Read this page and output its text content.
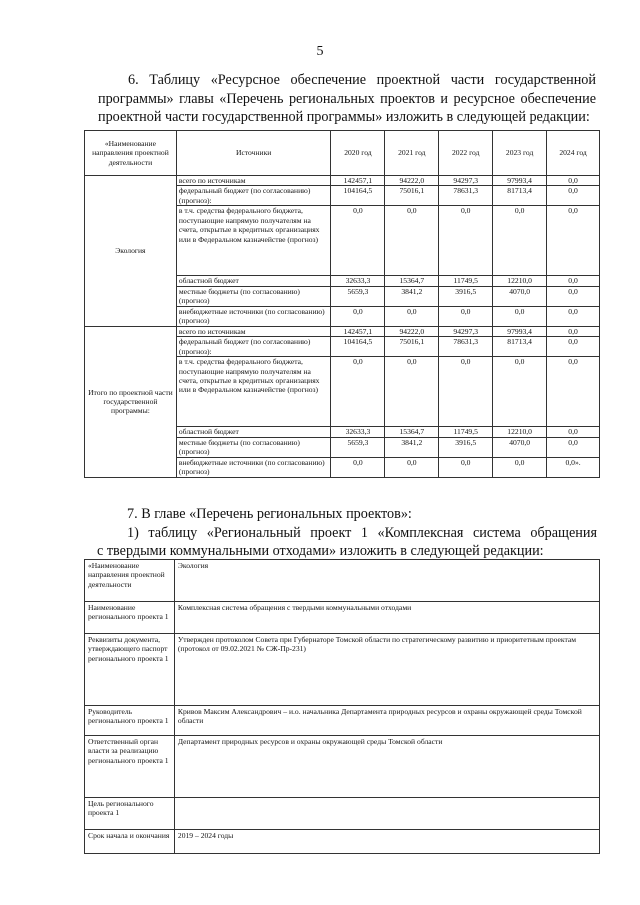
5
6. Таблицу «Ресурсное обеспечение проектной части государственной
программы» главы «Перечень региональных проектов и ресурсное обеспечение
проектной части государственной программы» изложить в следующей редакции:
«Наименование направления проектной деятельности	Источники	2020 год	2021 год	2022 год	2023 год	2024 год
Экология	всего по источникам	142457,1	94222,0	94297,3	97993,4	0,0
	федеральный бюджет (по согласованию) (прогноз):	104164,5	75016,1	78631,3	81713,4	0,0
	в т.ч. средства федерального бюджета, поступающие напрямую получателям на счета, открытые в кредитных организациях или в Федеральном казначействе (прогноз)	0,0	0,0	0,0	0,0	0,0
	областной бюджет	32633,3	15364,7	11749,5	12210,0	0,0
	местные бюджеты (по согласованию) (прогноз)	5659,3	3841,2	3916,5	4070,0	0,0
	внебюджетные источники (по согласованию) (прогноз)	0,0	0,0	0,0	0,0	0,0
Итого по проектной части государственной программы:	всего по источникам	142457,1	94222,0	94297,3	97993,4	0,0
	федеральный бюджет (по согласованию) (прогноз):	104164,5	75016,1	78631,3	81713,4	0,0
	в т.ч. средства федерального бюджета, поступающие напрямую получателям на счета, открытые в кредитных организациях или в Федеральном казначействе (прогноз)	0,0	0,0	0,0	0,0	0,0
	областной бюджет	32633,3	15364,7	11749,5	12210,0	0,0
	местные бюджеты (по согласованию) (прогноз)	5659,3	3841,2	3916,5	4070,0	0,0
	внебюджетные источники (по согласованию) (прогноз)	0,0	0,0	0,0	0,0	0,0».
7. В главе «Перечень региональных проектов»:
1) таблицу «Региональный проект 1 «Комплексная система обращения
с твердыми коммунальными отходами» изложить в следующей редакции:
«Наименование направления проектной деятельности	Экология
Наименование регионального проекта 1	Комплексная система обращения с твердыми коммунальными отходами
Реквизиты документа, утверждающего паспорт регионального проекта 1	Утвержден протоколом Совета при Губернаторе Томской области по стратегическому развитию и приоритетным проектам (протокол от 09.02.2021 № СЖ-Пр-231)
Руководитель регионального проекта 1	Кривов Максим Александрович – и.о. начальника Департамента природных ресурсов и охраны окружающей среды Томской области
Ответственный орган власти за реализацию регионального проекта 1	Департамент природных ресурсов и охраны окружающей среды Томской области
Цель регионального проекта 1	
Срок начала и окончания	2019 – 2024 годы
